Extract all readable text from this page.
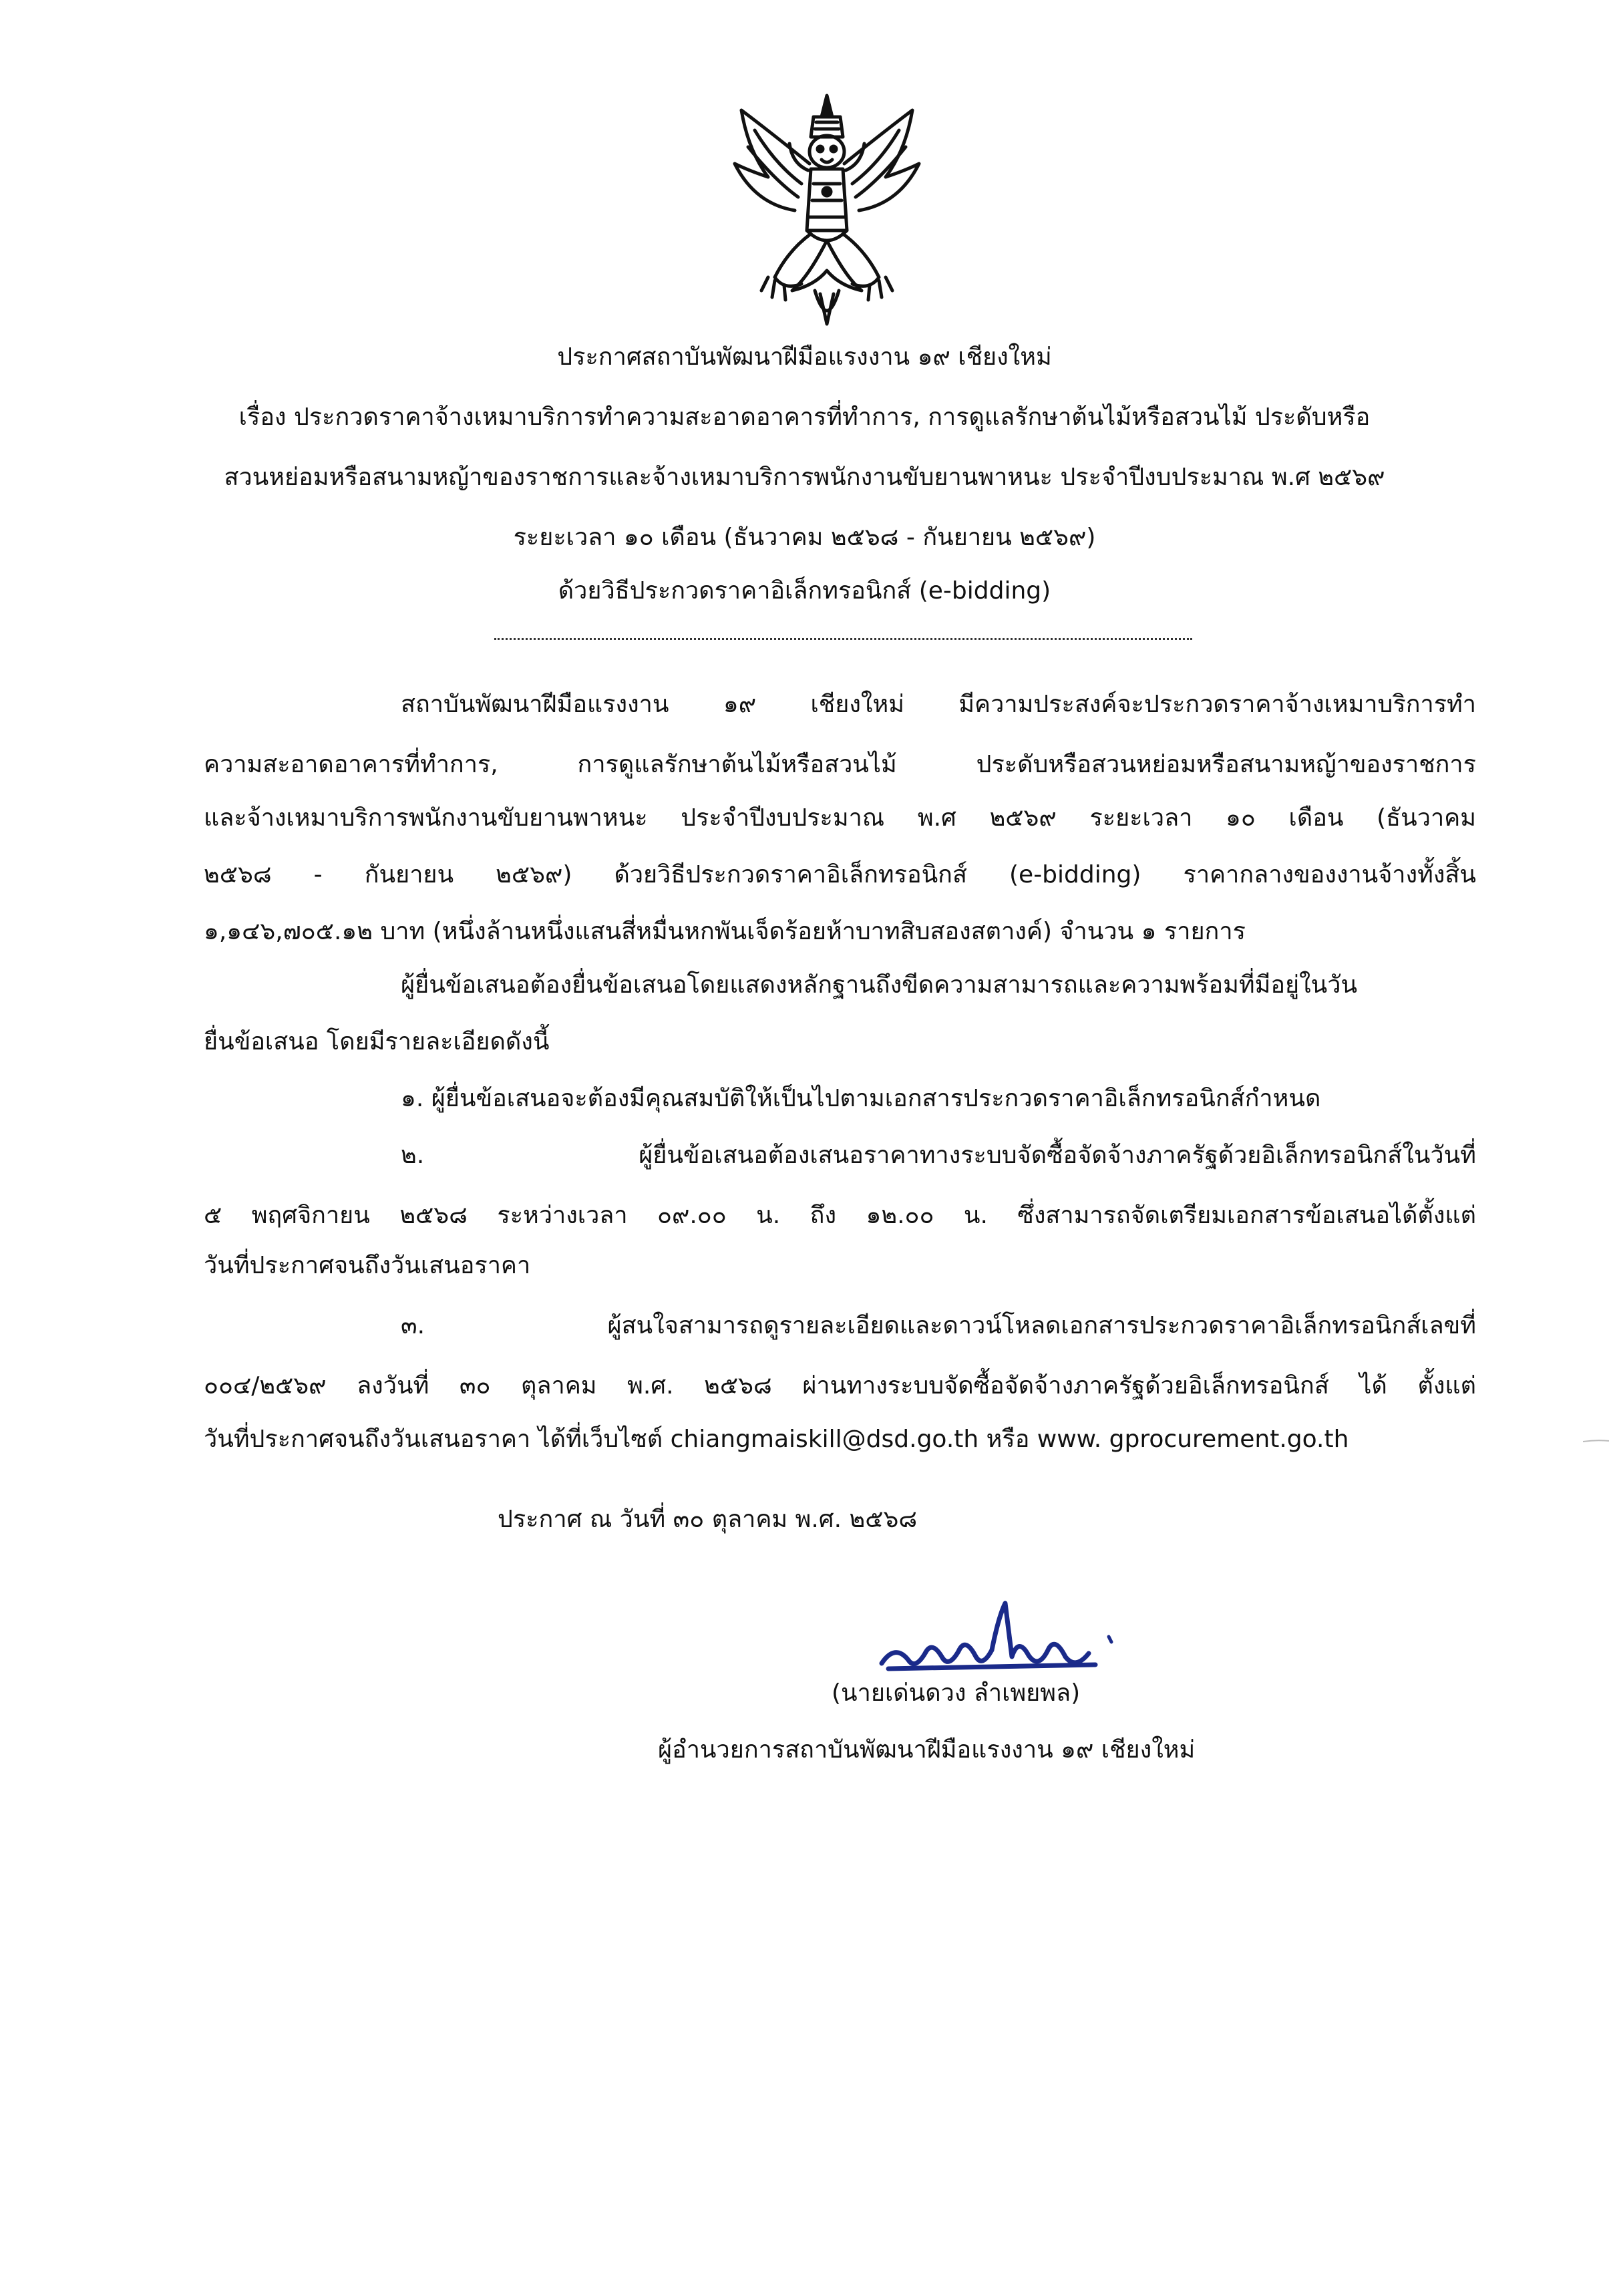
ประกาศสถาบันพัฒนาฝีมือแรงงาน ๑๙ เชียงใหม่
เรื่อง ประกวดราคาจ้างเหมาบริการทำความสะอาดอาคารที่ทำการ, การดูแลรักษาต้นไม้หรือสวนไม้ ประดับหรือ
สวนหย่อมหรือสนามหญ้าของราชการและจ้างเหมาบริการพนักงานขับยานพาหนะ ประจำปีงบประมาณ พ.ศ ๒๕๖๙
ระยะเวลา ๑๐ เดือน (ธันวาคม ๒๕๖๘ - กันยายน ๒๕๖๙)
ด้วยวิธีประกวดราคาอิเล็กทรอนิกส์ (e-bidding)
สถาบันพัฒนาฝีมือแรงงาน ๑๙ เชียงใหม่ มีความประสงค์จะประกวดราคาจ้างเหมาบริการทำ
ความสะอาดอาคารที่ทำการ, การดูแลรักษาต้นไม้หรือสวนไม้ ประดับหรือสวนหย่อมหรือสนามหญ้าของราชการ
และจ้างเหมาบริการพนักงานขับยานพาหนะ ประจำปีงบประมาณ พ.ศ ๒๕๖๙ ระยะเวลา ๑๐ เดือน (ธันวาคม
๒๕๖๘ - กันยายน ๒๕๖๙) ด้วยวิธีประกวดราคาอิเล็กทรอนิกส์ (e-bidding) ราคากลางของงานจ้างทั้งสิ้น
๑,๑๔๖,๗๐๕.๑๒ บาท (หนึ่งล้านหนึ่งแสนสี่หมื่นหกพันเจ็ดร้อยห้าบาทสิบสองสตางค์) จำนวน ๑ รายการ
ผู้ยื่นข้อเสนอต้องยื่นข้อเสนอโดยแสดงหลักฐานถึงขีดความสามารถและความพร้อมที่มีอยู่ในวัน
ยื่นข้อเสนอ โดยมีรายละเอียดดังนี้
๑. ผู้ยื่นข้อเสนอจะต้องมีคุณสมบัติให้เป็นไปตามเอกสารประกวดราคาอิเล็กทรอนิกส์กำหนด
๒. ผู้ยื่นข้อเสนอต้องเสนอราคาทางระบบจัดซื้อจัดจ้างภาครัฐด้วยอิเล็กทรอนิกส์ในวันที่
๕ พฤศจิกายน ๒๕๖๘ ระหว่างเวลา ๐๙.๐๐ น. ถึง ๑๒.๐๐ น. ซึ่งสามารถจัดเตรียมเอกสารข้อเสนอได้ตั้งแต่
วันที่ประกาศจนถึงวันเสนอราคา
๓. ผู้สนใจสามารถดูรายละเอียดและดาวน์โหลดเอกสารประกวดราคาอิเล็กทรอนิกส์เลขที่
๐๐๔/๒๕๖๙ ลงวันที่ ๓๐ ตุลาคม พ.ศ. ๒๕๖๘ ผ่านทางระบบจัดซื้อจัดจ้างภาครัฐด้วยอิเล็กทรอนิกส์ ได้ ตั้งแต่
วันที่ประกาศจนถึงวันเสนอราคา ได้ที่เว็บไซต์ chiangmaiskill@dsd.go.th หรือ www. gprocurement.go.th
ประกาศ ณ วันที่ ๓๐ ตุลาคม พ.ศ. ๒๕๖๘
(นายเด่นดวง ลำเพยพล)
ผู้อำนวยการสถาบันพัฒนาฝีมือแรงงาน ๑๙ เชียงใหม่
